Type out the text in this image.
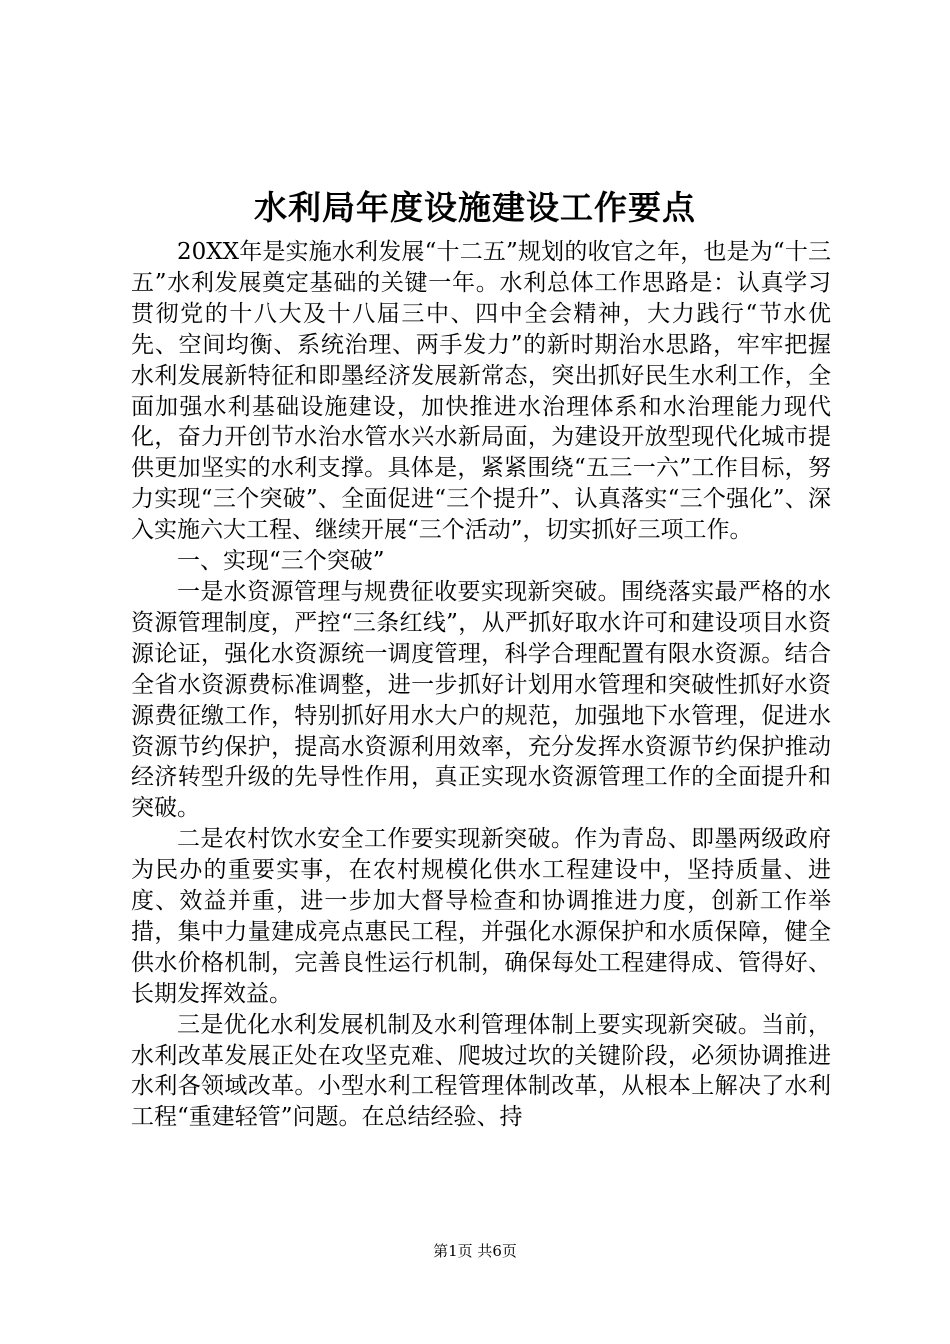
水利局年度设施建设工作要点

20XX年是实施水利发展“十二五”规划的收官之年，也是为“十三五”水利发展奠定基础的关键一年。水利总体工作思路是：认真学习贯彻党的十八大及十八届三中、四中全会精神，大力践行“节水优先、空间均衡、系统治理、两手发力”的新时期治水思路，牢牢把握水利发展新特征和即墨经济发展新常态，突出抓好民生水利工作，全面加强水利基础设施建设，加快推进水治理体系和水治理能力现代化，奋力开创节水治水管水兴水新局面，为建设开放型现代化城市提供更加坚实的水利支撑。具体是，紧紧围绕“五三一六”工作目标，努力实现“三个突破”、全面促进“三个提升”、认真落实“三个强化”、深入实施六大工程、继续开展“三个活动”，切实抓好三项工作。

一、实现“三个突破”

一是水资源管理与规费征收要实现新突破。围绕落实最严格的水资源管理制度，严控“三条红线”，从严抓好取水许可和建设项目水资源论证，强化水资源统一调度管理，科学合理配置有限水资源。结合全省水资源费标准调整，进一步抓好计划用水管理和突破性抓好水资源费征缴工作，特别抓好用水大户的规范，加强地下水管理，促进水资源节约保护，提高水资源利用效率，充分发挥水资源节约保护推动经济转型升级的先导性作用，真正实现水资源管理工作的全面提升和突破。

二是农村饮水安全工作要实现新突破。作为青岛、即墨两级政府为民办的重要实事，在农村规模化供水工程建设中，坚持质量、进度、效益并重，进一步加大督导检查和协调推进力度，创新工作举措，集中力量建成亮点惠民工程，并强化水源保护和水质保障，健全供水价格机制，完善良性运行机制，确保每处工程建得成、管得好、长期发挥效益。

三是优化水利发展机制及水利管理体制上要实现新突破。当前，水利改革发展正处在攻坚克难、爬坡过坎的关键阶段，必须协调推进水利各领域改革。小型水利工程管理体制改革，从根本上解决了水利工程“重建轻管”问题。在总结经验、持

第1页 共6页
